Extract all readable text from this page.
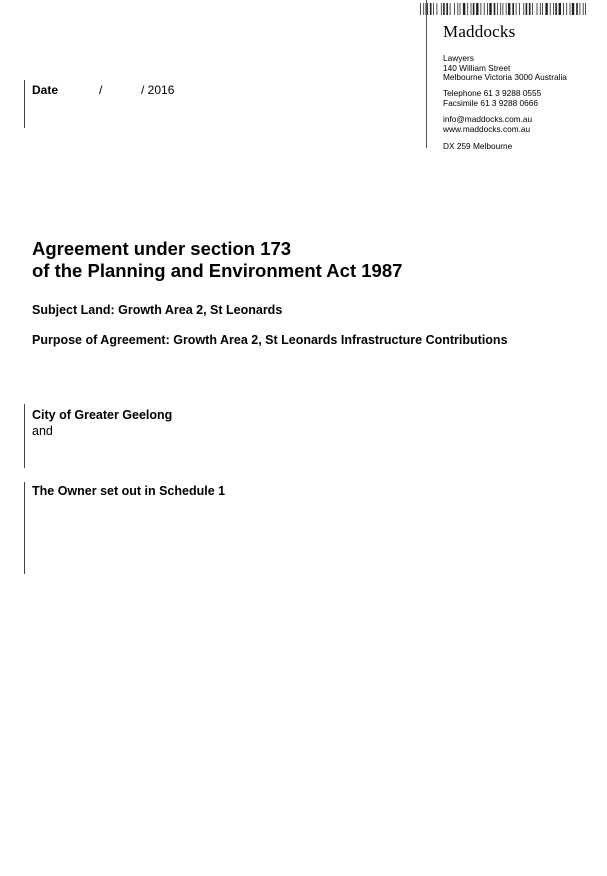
Maddocks
Lawyers
140 William Street
Melbourne Victoria 3000 Australia
Telephone 61 3 9288 0555
Facsimile 61 3 9288 0666
info@maddocks.com.au
www.maddocks.com.au
DX 259 Melbourne
Date	/	/ 2016
Agreement under section 173
of the Planning and Environment Act 1987
Subject Land: Growth Area 2, St Leonards
Purpose of Agreement: Growth Area 2, St Leonards Infrastructure Contributions
City of Greater Geelong
and
The Owner set out in Schedule 1
